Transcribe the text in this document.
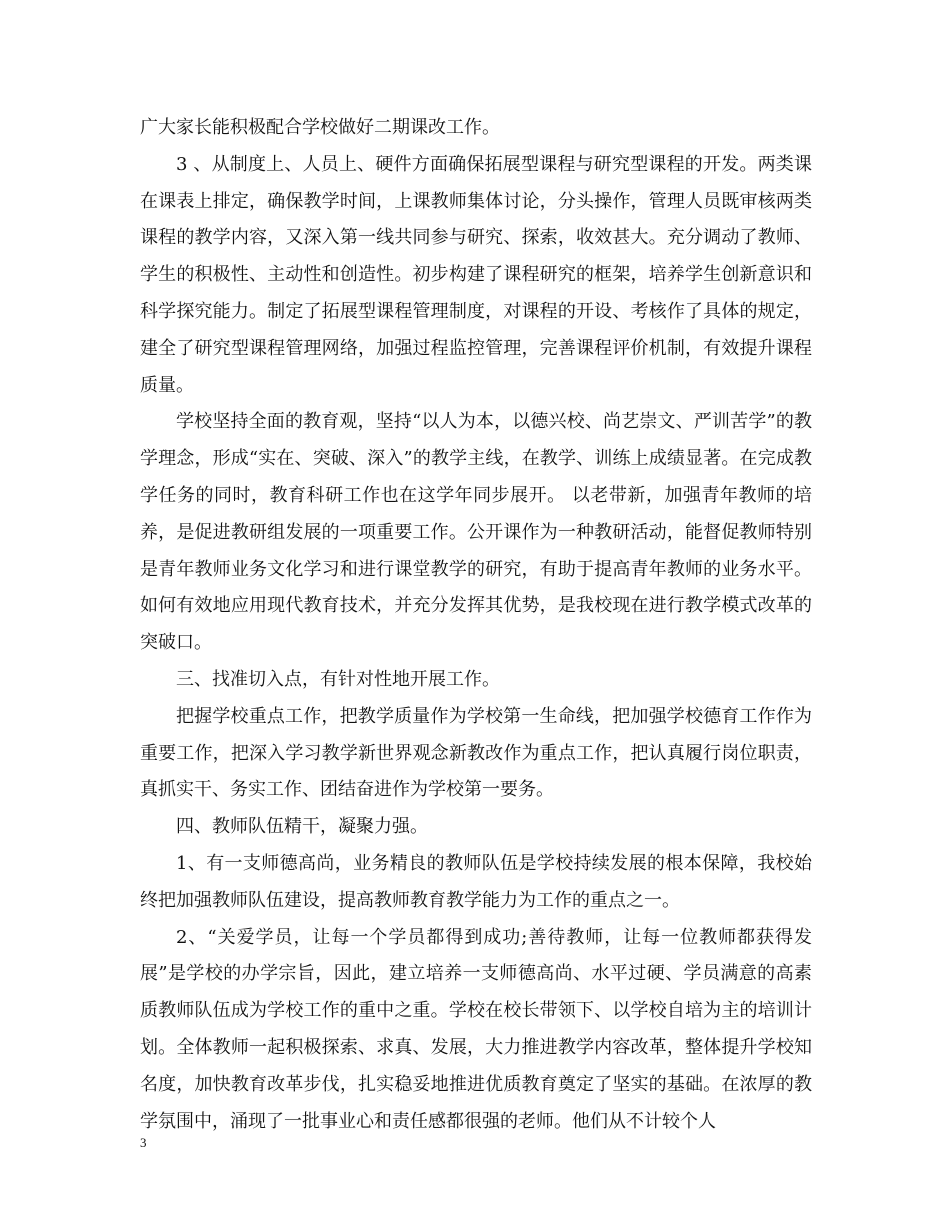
广大家长能积极配合学校做好二期课改工作。

3 、从制度上、人员上、硬件方面确保拓展型课程与研究型课程的开发。两类课在课表上排定，确保教学时间，上课教师集体讨论，分头操作，管理人员既审核两类课程的教学内容，又深入第一线共同参与研究、探索，收效甚大。充分调动了教师、学生的积极性、主动性和创造性。初步构建了课程研究的框架，培养学生创新意识和科学探究能力。制定了拓展型课程管理制度，对课程的开设、考核作了具体的规定，建全了研究型课程管理网络，加强过程监控管理，完善课程评价机制，有效提升课程质量。

学校坚持全面的教育观，坚持“以人为本，以德兴校、尚艺崇文、严训苦学”的教学理念，形成“实在、突破、深入”的教学主线，在教学、训练上成绩显著。在完成教学任务的同时，教育科研工作也在这学年同步展开。 以老带新，加强青年教师的培养，是促进教研组发展的一项重要工作。公开课作为一种教研活动，能督促教师特别是青年教师业务文化学习和进行课堂教学的研究，有助于提高青年教师的业务水平。如何有效地应用现代教育技术，并充分发挥其优势，是我校现在进行教学模式改革的突破口。

三、找准切入点，有针对性地开展工作。

把握学校重点工作，把教学质量作为学校第一生命线，把加强学校德育工作作为重要工作，把深入学习教学新世界观念新教改作为重点工作，把认真履行岗位职责，真抓实干、务实工作、团结奋进作为学校第一要务。

四、教师队伍精干，凝聚力强。

1、有一支师德高尚，业务精良的教师队伍是学校持续发展的根本保障，我校始终把加强教师队伍建设，提高教师教育教学能力为工作的重点之一。

2、“关爱学员，让每一个学员都得到成功;善待教师，让每一位教师都获得发展”是学校的办学宗旨，因此，建立培养一支师德高尚、水平过硬、学员满意的高素质教师队伍成为学校工作的重中之重。学校在校长带领下、以学校自培为主的培训计划。全体教师一起积极探索、求真、发展，大力推进教学内容改革，整体提升学校知名度，加快教育改革步伐，扎实稳妥地推进优质教育奠定了坚实的基础。在浓厚的教学氛围中，涌现了一批事业心和责任感都很强的老师。他们从不计较个人

3
